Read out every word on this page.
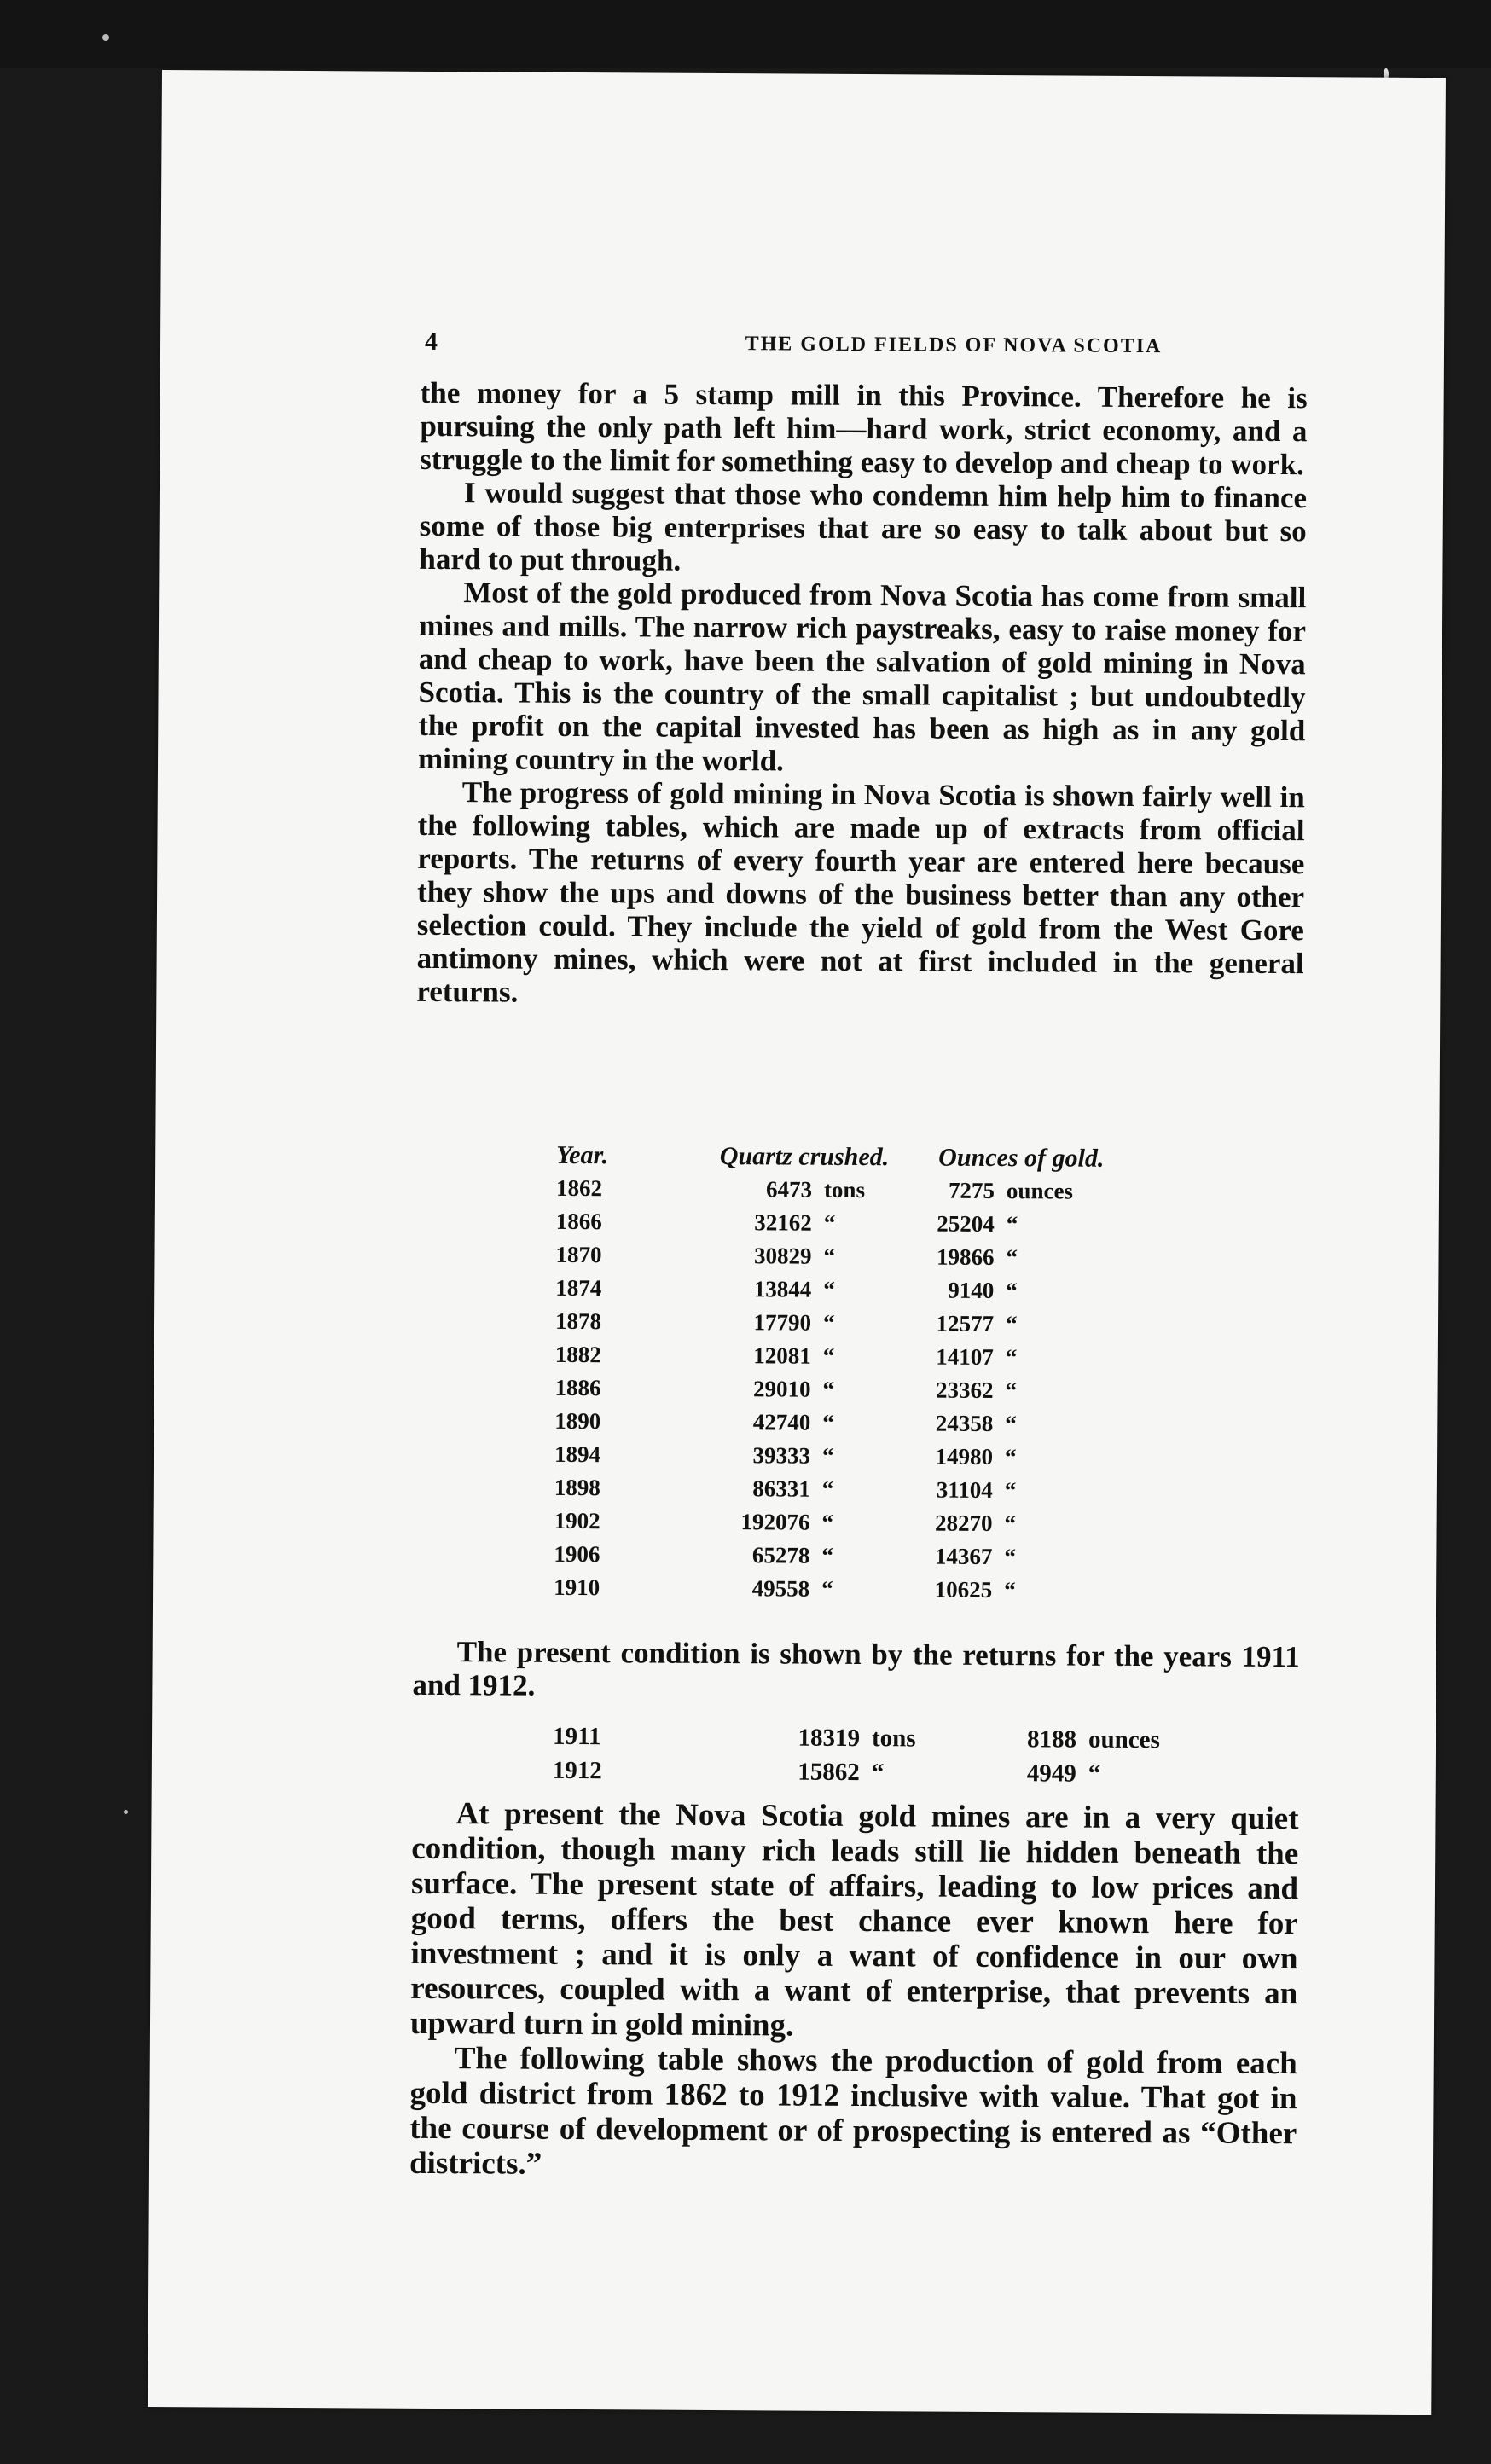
4	THE GOLD FIELDS OF NOVA SCOTIA

the money for a 5 stamp mill in this Province. Therefore he is pursuing the only path left him—hard work, strict economy, and a struggle to the limit for something easy to develop and cheap to work.

I would suggest that those who condemn him help him to finance some of those big enterprises that are so easy to talk about but so hard to put through.

Most of the gold produced from Nova Scotia has come from small mines and mills. The narrow rich paystreaks, easy to raise money for and cheap to work, have been the salvation of gold mining in Nova Scotia. This is the country of the small capitalist ; but undoubtedly the profit on the capital invested has been as high as in any gold mining country in the world.

The progress of gold mining in Nova Scotia is shown fairly well in the following tables, which are made up of extracts from official reports. The returns of every fourth year are entered here because they show the ups and downs of the business better than any other selection could. They include the yield of gold from the West Gore antimony mines, which were not at first included in the general returns.

Year.	Quartz crushed.	Ounces of gold.
1862	6473 tons	7275 ounces
1866	32162 “	25204 “
1870	30829 “	19866 “
1874	13844 “	9140 “
1878	17790 “	12577 “
1882	12081 “	14107 “
1886	29010 “	23362 “
1890	42740 “	24358 “
1894	39333 “	14980 “
1898	86331 “	31104 “
1902	192076 “	28270 “
1906	65278 “	14367 “
1910	49558 “	10625 “

The present condition is shown by the returns for the years 1911 and 1912.

1911	18319 tons	8188 ounces
1912	15862 “	4949 “

At present the Nova Scotia gold mines are in a very quiet condition, though many rich leads still lie hidden beneath the surface. The present state of affairs, leading to low prices and good terms, offers the best chance ever known here for investment ; and it is only a want of confidence in our own resources, coupled with a want of enterprise, that prevents an upward turn in gold mining.

The following table shows the production of gold from each gold district from 1862 to 1912 inclusive with value. That got in the course of development or of prospecting is entered as “Other districts.”
